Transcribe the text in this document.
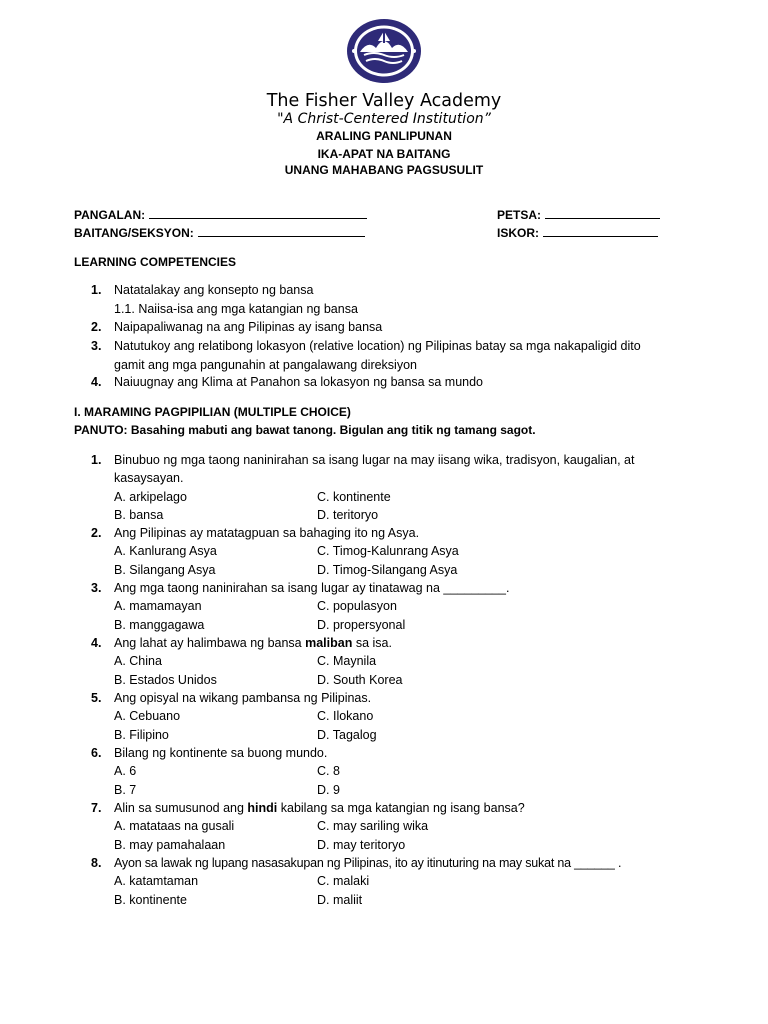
The Fisher Valley Academy
"A Christ-Centered Institution”
ARALING PANLIPUNAN
IKA-APAT NA BAITANG
UNANG MAHABANG PAGSUSULIT
PANGALAN:
BAITANG/SEKSYON:
PETSA:
ISKOR:
LEARNING COMPETENCIES
1. Natatalakay ang konsepto ng bansa
1.1. Naiisa-isa ang mga katangian ng bansa
2. Naipapaliwanag na ang Pilipinas ay isang bansa
3. Natutukoy ang relatibong lokasyon (relative location) ng Pilipinas batay sa mga nakapaligid dito gamit ang mga pangunahin at pangalawang direksiyon
4. Naiuugnay ang Klima at Panahon sa lokasyon ng bansa sa mundo
I. MARAMING PAGPIPILIAN (MULTIPLE CHOICE)
PANUTO: Basahing mabuti ang bawat tanong. Bigulan ang titik ng tamang sagot.
1. Binubuo ng mga taong naninirahan sa isang lugar na may iisang wika, tradisyon, kaugalian, at kasaysayan.
A. arkipelago	C. kontinente
B. bansa	D. teritoryo
2. Ang Pilipinas ay matatagpuan sa bahaging ito ng Asya.
A. Kanlurang Asya	C. Timog-Kalunrang Asya
B. Silangang Asya	D. Timog-Silangang Asya
3. Ang mga taong naninirahan sa isang lugar ay tinatawag na _________.
A. mamamayan	C. populasyon
B. manggagawa	D. propersyonal
4. Ang lahat ay halimbawa ng bansa maliban sa isa.
A. China	C. Maynila
B. Estados Unidos	D. South Korea
5. Ang opisyal na wikang pambansa ng Pilipinas.
A. Cebuano	C. Ilokano
B. Filipino	D. Tagalog
6. Bilang ng kontinente sa buong mundo.
A. 6	C. 8
B. 7	D. 9
7. Alin sa sumusunod ang hindi kabilang sa mga katangian ng isang bansa?
A. matataas na gusali	C. may sariling wika
B. may pamahalaan	D. may teritoryo
8. Ayon sa lawak ng lupang nasasakupan ng Pilipinas, ito ay itinuturing na may sukat na ______ .
A. katamtaman	C. malaki
B. kontinente	D. maliit
